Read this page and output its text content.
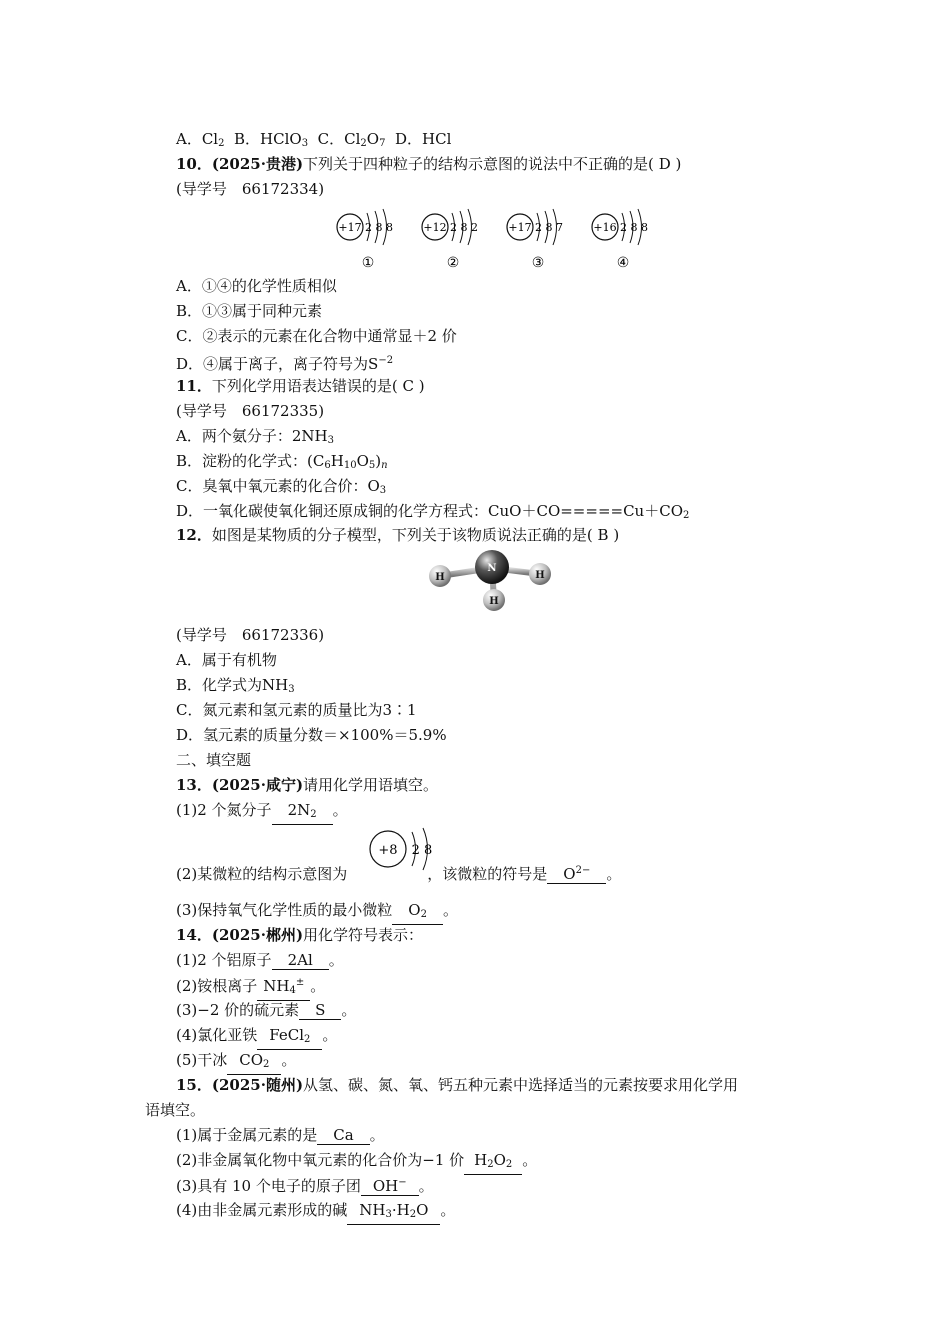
A．$Cl_2$ B．HClO$_3$ C．$Cl_2O_7$ D．HCl
10．(2025·贵港)下列关于四种粒子的结构示意图的说法中不正确的是( D )
(导学号　66172334)
+17 2 8 8
①
+12 2 8 2
②
+17 2 8 7
③
+16 2 8 8
④
A．①④的化学性质相似
B．①③属于同种元素
C．②表示的元素在化合物中通常显＋2 价
D．④属于离子，离子符号为$S^{-2}$
11．下列化学用语表达错误的是( C )
(导学号　66172335)
A．两个氨分子：$2NH_3$
B．淀粉的化学式：$(C_6H_{10}O_5)_n$
C．臭氧中氧元素的化合价：$O_3$
D．一氧化碳使氧化铜还原成铜的化学方程式：$CuO+CO=====Cu+CO_2$
12．如图是某物质的分子模型，下列关于该物质说法正确的是( B )
N
H	H
H
(导学号　66172336)
A．属于有机物
B．化学式为$NH_3$
C．氮元素和氢元素的质量比为3∶1
D．氢元素的质量分数＝×100%＝5.9%
二、填空题
13．(2025·咸宁)请用化学用语填空。
(1)2 个氮分子 $2N_2$ 。
+8 2 8
(2)某微粒的结构示意图为	，该微粒的符号是 $O^{2-}$ 。
(3)保持氧气化学性质的最小微粒 $O_2$ 。
14．(2025·郴州)用化学符号表示：
(1)2 个铝原子 2Al 。
(2)铵根离子 $NH_4^\pm$ 。
(3)−2 价的硫元素 S 。
(4)氯化亚铁 FeCl$_2$ 。
(5)干冰 $CO_2$ 。
15．(2025·随州)从氢、碳、氮、氧、钙五种元素中选择适当的元素按要求用化学用
语填空。
(1)属于金属元素的是 Ca 。
(2)非金属氧化物中氧元素的化合价为−1 价 $H_2O_2$ 。
(3)具有 10 个电子的原子团 OH− 。
(4)由非金属元素形成的碱 $NH_3\cdot H_2O$ 。
